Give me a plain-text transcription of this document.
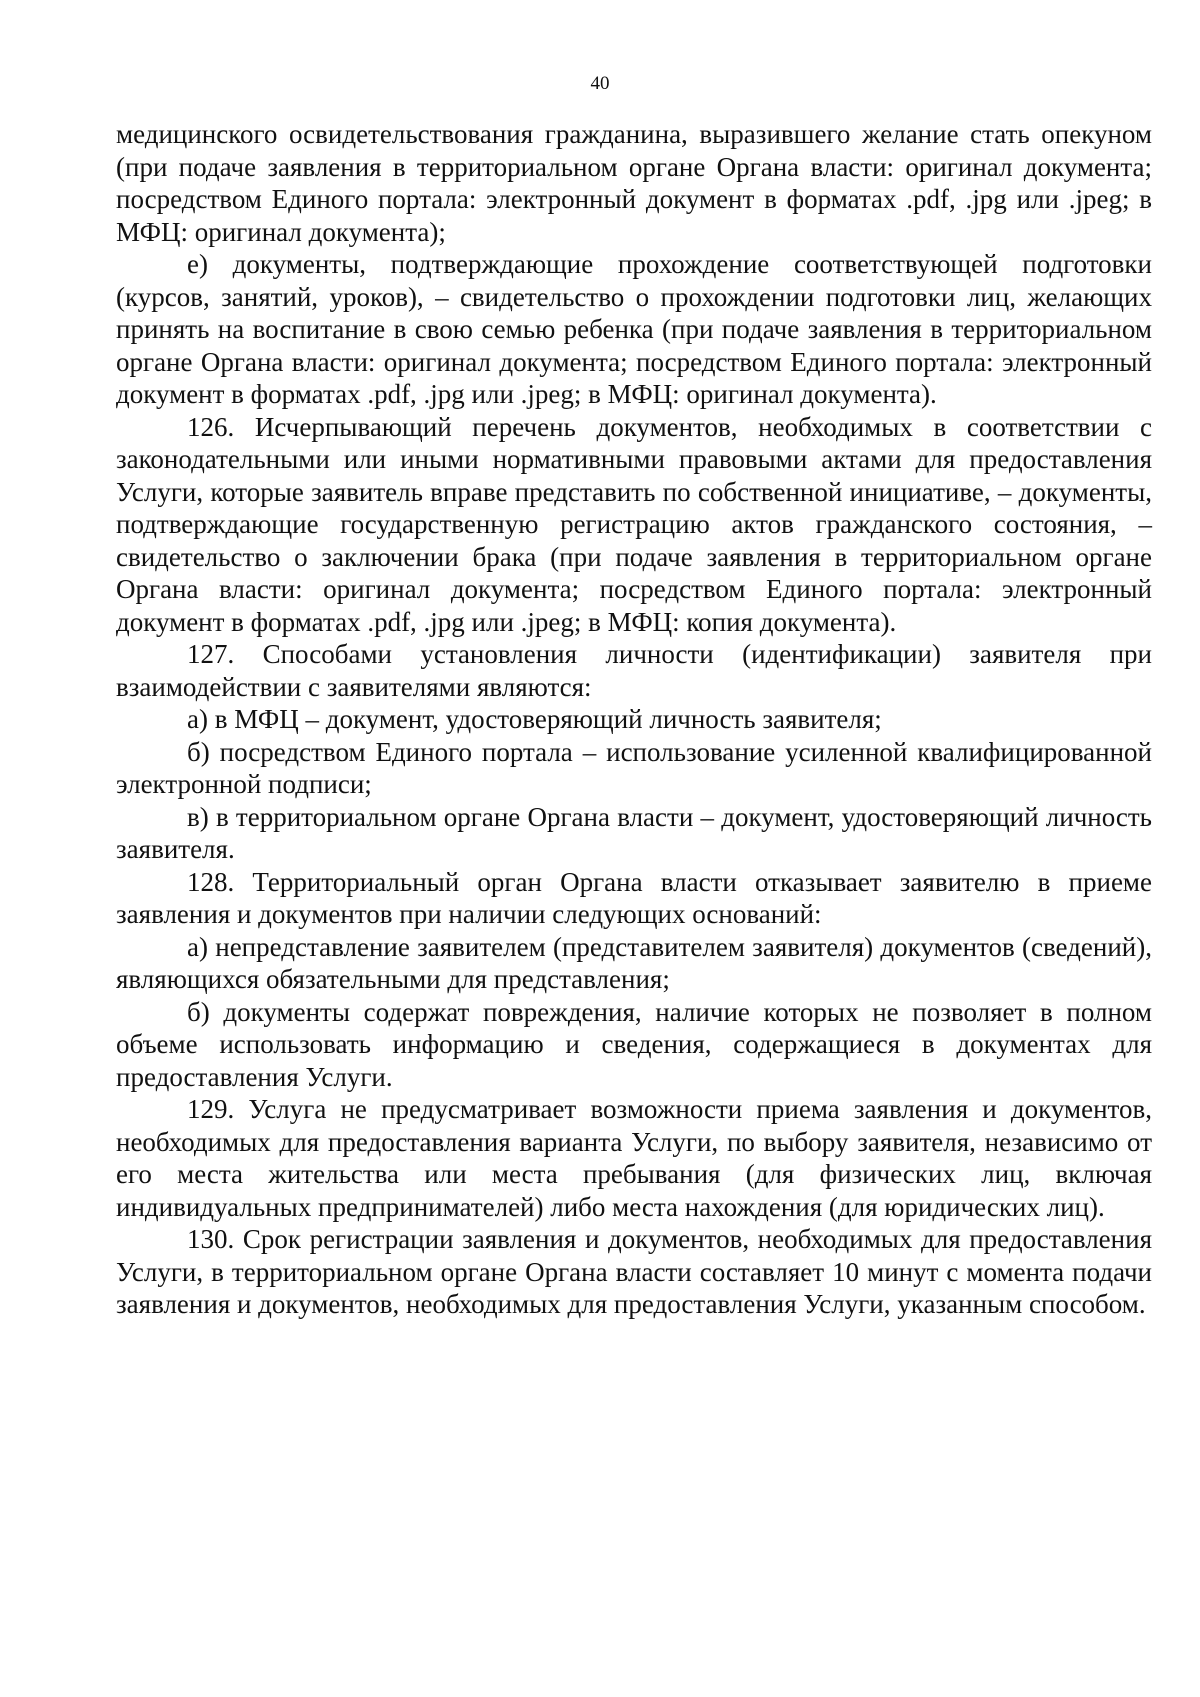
40

медицинского освидетельствования гражданина, выразившего желание стать опекуном (при подаче заявления в территориальном органе Органа власти: оригинал документа; посредством Единого портала: электронный документ в форматах .pdf, .jpg или .jpeg; в МФЦ: оригинал документа);

е) документы, подтверждающие прохождение соответствующей подготовки (курсов, занятий, уроков), – свидетельство о прохождении подготовки лиц, желающих принять на воспитание в свою семью ребенка (при подаче заявления в территориальном органе Органа власти: оригинал документа; посредством Единого портала: электронный документ в форматах .pdf, .jpg или .jpeg; в МФЦ: оригинал документа).

126. Исчерпывающий перечень документов, необходимых в соответствии с законодательными или иными нормативными правовыми актами для предоставления Услуги, которые заявитель вправе представить по собственной инициативе, – документы, подтверждающие государственную регистрацию актов гражданского состояния, – свидетельство о заключении брака (при подаче заявления в территориальном органе Органа власти: оригинал документа; посредством Единого портала: электронный документ в форматах .pdf, .jpg или .jpeg; в МФЦ: копия документа).

127. Способами установления личности (идентификации) заявителя при взаимодействии с заявителями являются:

а) в МФЦ – документ, удостоверяющий личность заявителя;

б) посредством Единого портала – использование усиленной квалифицированной электронной подписи;

в) в территориальном органе Органа власти – документ, удостоверяющий личность заявителя.

128. Территориальный орган Органа власти отказывает заявителю в приеме заявления и документов при наличии следующих оснований:

а) непредставление заявителем (представителем заявителя) документов (сведений), являющихся обязательными для представления;

б) документы содержат повреждения, наличие которых не позволяет в полном объеме использовать информацию и сведения, содержащиеся в документах для предоставления Услуги.

129. Услуга не предусматривает возможности приема заявления и документов, необходимых для предоставления варианта Услуги, по выбору заявителя, независимо от его места жительства или места пребывания (для физических лиц, включая индивидуальных предпринимателей) либо места нахождения (для юридических лиц).

130. Срок регистрации заявления и документов, необходимых для предоставления Услуги, в территориальном органе Органа власти составляет 10 минут с момента подачи заявления и документов, необходимых для предоставления Услуги, указанным способом.
